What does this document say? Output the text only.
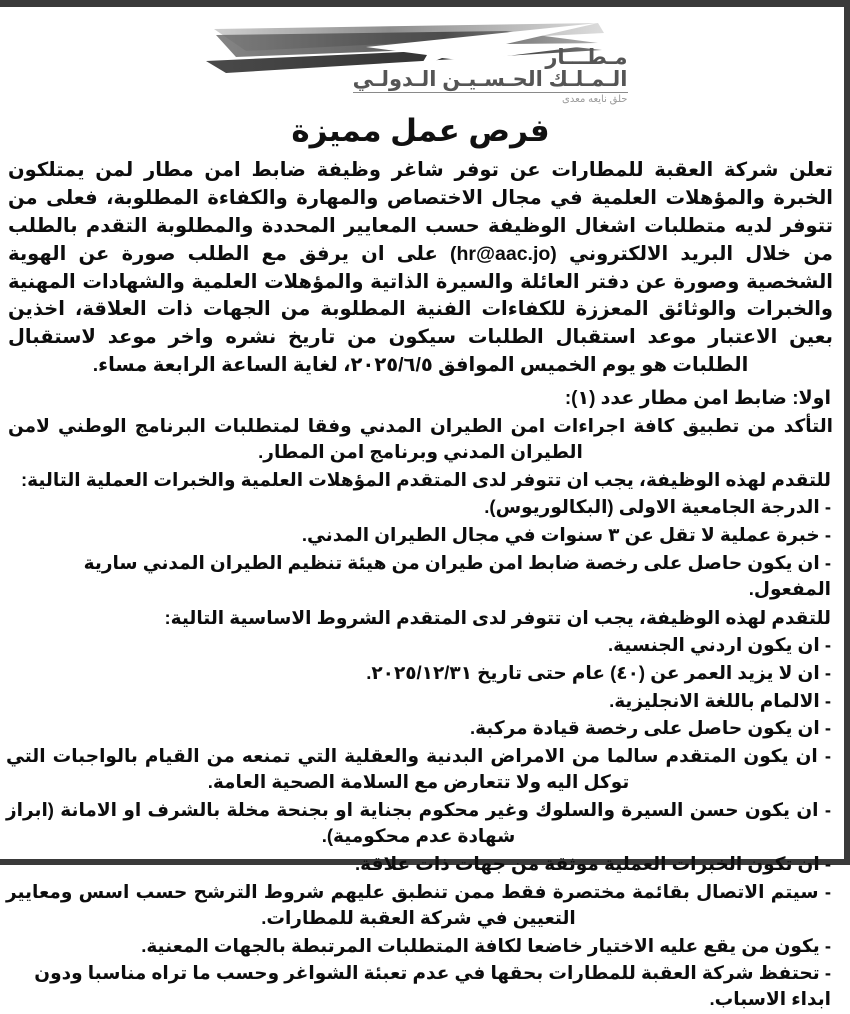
مـطـــار
الـمـلـك الحـسـيـن الـدولـي
حلق نايعه معدى
فرص عمل مميزة

تعلن شركة العقبة للمطارات عن توفر شاغر وظيفة ضابط امن مطار لمن يمتلكون الخبرة والمؤهلات العلمية في مجال الاختصاص والمهارة والكفاءة المطلوبة، فعلى من تتوفر لديه متطلبات اشغال الوظيفة حسب المعايير المحددة والمطلوبة التقدم بالطلب من خلال البريد الالكتروني (hr@aac.jo) على ان يرفق مع الطلب صورة عن الهوية الشخصية وصورة عن دفتر العائلة والسيرة الذاتية والمؤهلات العلمية والشهادات المهنية والخبرات والوثائق المعززة للكفاءات الفنية المطلوبة من الجهات ذات العلاقة، اخذين بعين الاعتبار موعد استقبال الطلبات سيكون من تاريخ نشره واخر موعد لاستقبال الطلبات هو يوم الخميس الموافق ٢٠٢٥/٦/٥، لغاية الساعة الرابعة مساء.

اولا: ضابط امن مطار عدد (١):

التأكد من تطبيق كافة اجراءات امن الطيران المدني وفقا لمتطلبات البرنامج الوطني لامن الطيران المدني وبرنامج امن المطار.

للتقدم لهذه الوظيفة، يجب ان تتوفر لدى المتقدم المؤهلات العلمية والخبرات العملية التالية:
- الدرجة الجامعية الاولى (البكالوريوس).
- خبرة عملية لا تقل عن ٣ سنوات في مجال الطيران المدني.
- ان يكون حاصل على رخصة ضابط امن طيران من هيئة تنظيم الطيران المدني سارية المفعول.
للتقدم لهذه الوظيفة، يجب ان تتوفر لدى المتقدم الشروط الاساسية التالية:
- ان يكون اردني الجنسية.
- ان لا يزيد العمر عن (٤٠) عام حتى تاريخ ٢٠٢٥/١٢/٣١.
- الالمام باللغة الانجليزية.
- ان يكون حاصل على رخصة قيادة مركبة.
- ان يكون المتقدم سالما من الامراض البدنية والعقلية التي تمنعه من القيام بالواجبات التي توكل اليه ولا تتعارض مع السلامة الصحية العامة.
- ان يكون حسن السيرة والسلوك وغير محكوم بجناية او بجنحة مخلة بالشرف او الامانة (ابراز شهادة عدم محكومية).
- ان تكون الخبرات العملية موثقة من جهات ذات علاقة.
- سيتم الاتصال بقائمة مختصرة فقط ممن تنطبق عليهم شروط الترشح حسب اسس ومعايير التعيين في شركة العقبة للمطارات.
- يكون من يقع عليه الاختيار خاضعا لكافة المتطلبات المرتبطة بالجهات المعنية.
- تحتفظ شركة العقبة للمطارات بحقها في عدم تعبئة الشواغر وحسب ما تراه مناسبا ودون ابداء الاسباب.
